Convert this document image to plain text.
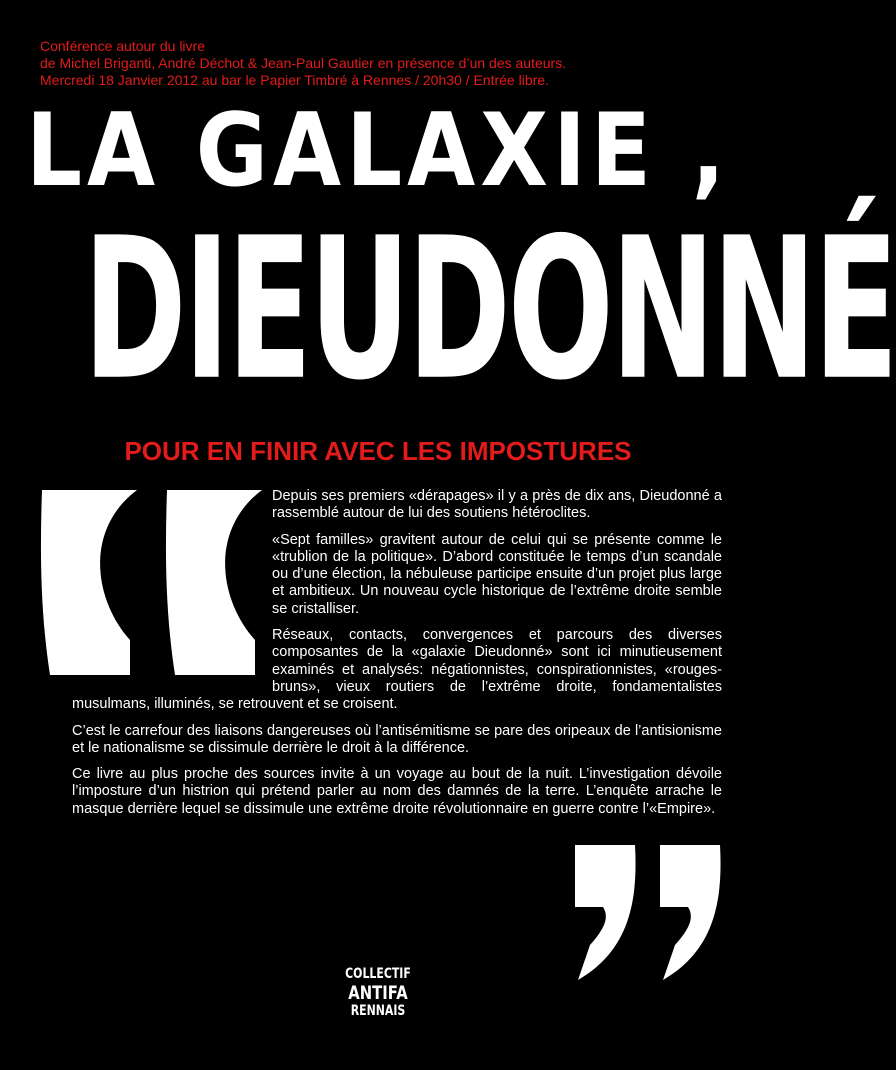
Conférence autour du livre
de Michel Briganti, André Déchot & Jean-Paul Gautier en présence d’un des auteurs.
Mercredi 18 Janvier 2012 au bar le Papier Timbré à Rennes / 20h30 / Entrée libre.
LA GALAXIE ,
DIEUDONNÉ
POUR EN FINIR AVEC LES IMPOSTURES

Depuis ses premiers «dérapages» il y a près de dix ans, Dieudonné a rassemblé autour de lui des soutiens hétéroclites.

«Sept familles» gravitent autour de celui qui se présente comme le «trublion de la politique». D’abord constituée le temps d’un scandale ou d’une élection, la nébuleuse participe ensuite d’un projet plus large et ambitieux. Un nouveau cycle historique de l’extrême droite semble se cristalliser.

Réseaux, contacts, convergences et parcours des diverses composantes de la «galaxie Dieudonné» sont ici minutieusement examinés et analysés: négationnistes, conspirationnistes, «rouges-bruns», vieux routiers de l’extrême droite, fondamentalistes musulmans, illuminés, se retrouvent et se croisent.

C’est le carrefour des liaisons dangereuses où l’antisémitisme se pare des oripeaux de l’antisionisme et le nationalisme se dissimule derrière le droit à la différence.

Ce livre au plus proche des sources invite à un voyage au bout de la nuit. L’investigation dévoile l’imposture d’un histrion qui prétend parler au nom des damnés de la terre. L’enquête arrache le masque derrière lequel se dissimule une extrême droite révolutionnaire en guerre contre l’«Empire».

COLLECTIF
ANTIFA
RENNAIS
